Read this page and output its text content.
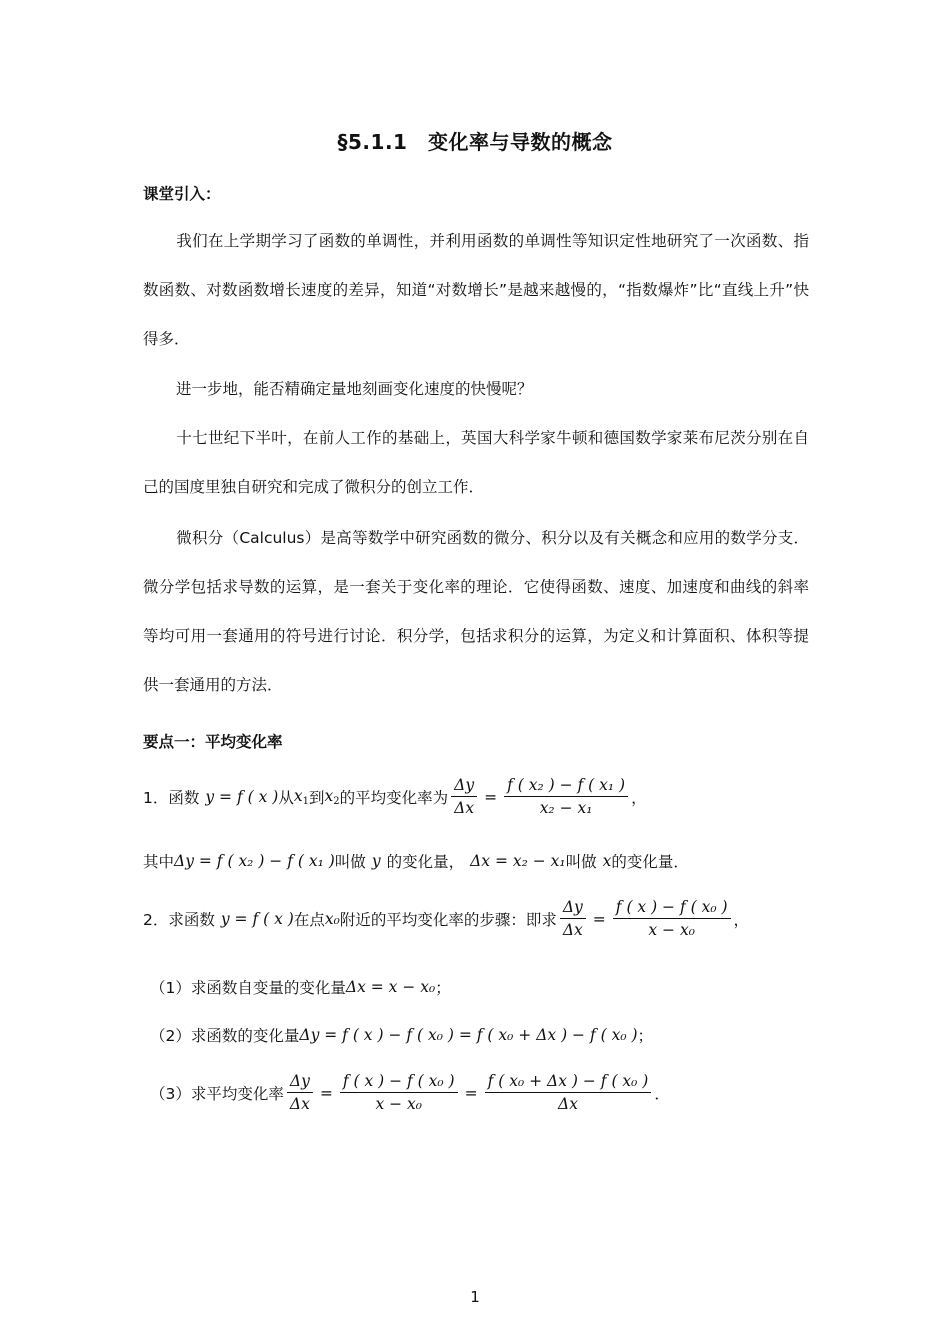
§5.1.1　变化率与导数的概念
课堂引入：
我们在上学期学习了函数的单调性，并利用函数的单调性等知识定性地研究了一次函数、指数函数、对数函数增长速度的差异，知道“对数增长”是越来越慢的，“指数爆炸”比“直线上升”快得多．
进一步地，能否精确定量地刻画变化速度的快慢呢？
十七世纪下半叶，在前人工作的基础上，英国大科学家牛顿和德国数学家莱布尼茨分别在自己的国度里独自研究和完成了微积分的创立工作．
微积分（Calculus）是高等数学中研究函数的微分、积分以及有关概念和应用的数学分支．微分学包括求导数的运算，是一套关于变化率的理论．它使得函数、速度、加速度和曲线的斜率等均可用一套通用的符号进行讨论．积分学，包括求积分的运算，为定义和计算面积、体积等提供一套通用的方法．
要点一：平均变化率
1．函数 y = f ( x ) 从 $x_1$ 到 $x_2$ 的平均变化率为 $\frac{\Delta y}{\Delta x} = \frac{\text{f ( x₂ ) − f ( x₁ )}}{\text{x₂ − x₁}}$ ，
其中 Δy = f ( x₂ ) − f ( x₁ ) 叫做 y 的变化量， Δx = x₂ − x₁ 叫做 x 的变化量．
2．求函数 y = f ( x ) 在点 x₀ 附近的平均变化率的步骤：即求 $\frac{\Delta y}{\Delta x} = \frac{\text{f ( x ) − f ( x₀ )}}{\text{x − x₀}}$ ，
（1）求函数自变量的变化量 Δx = x − x₀ ；
（2）求函数的变化量 Δy = f ( x ) − f ( x₀ ) = f ( x₀ + Δx ) − f ( x₀ ) ；
（3）求平均变化率 $\frac{\Delta y}{\Delta x} = \frac{\text{f ( x ) − f ( x₀ )}}{\text{x − x₀}} = \frac{\text{f ( x₀ + Δx ) − f ( x₀ )}}{\Delta x}$ ．
1
